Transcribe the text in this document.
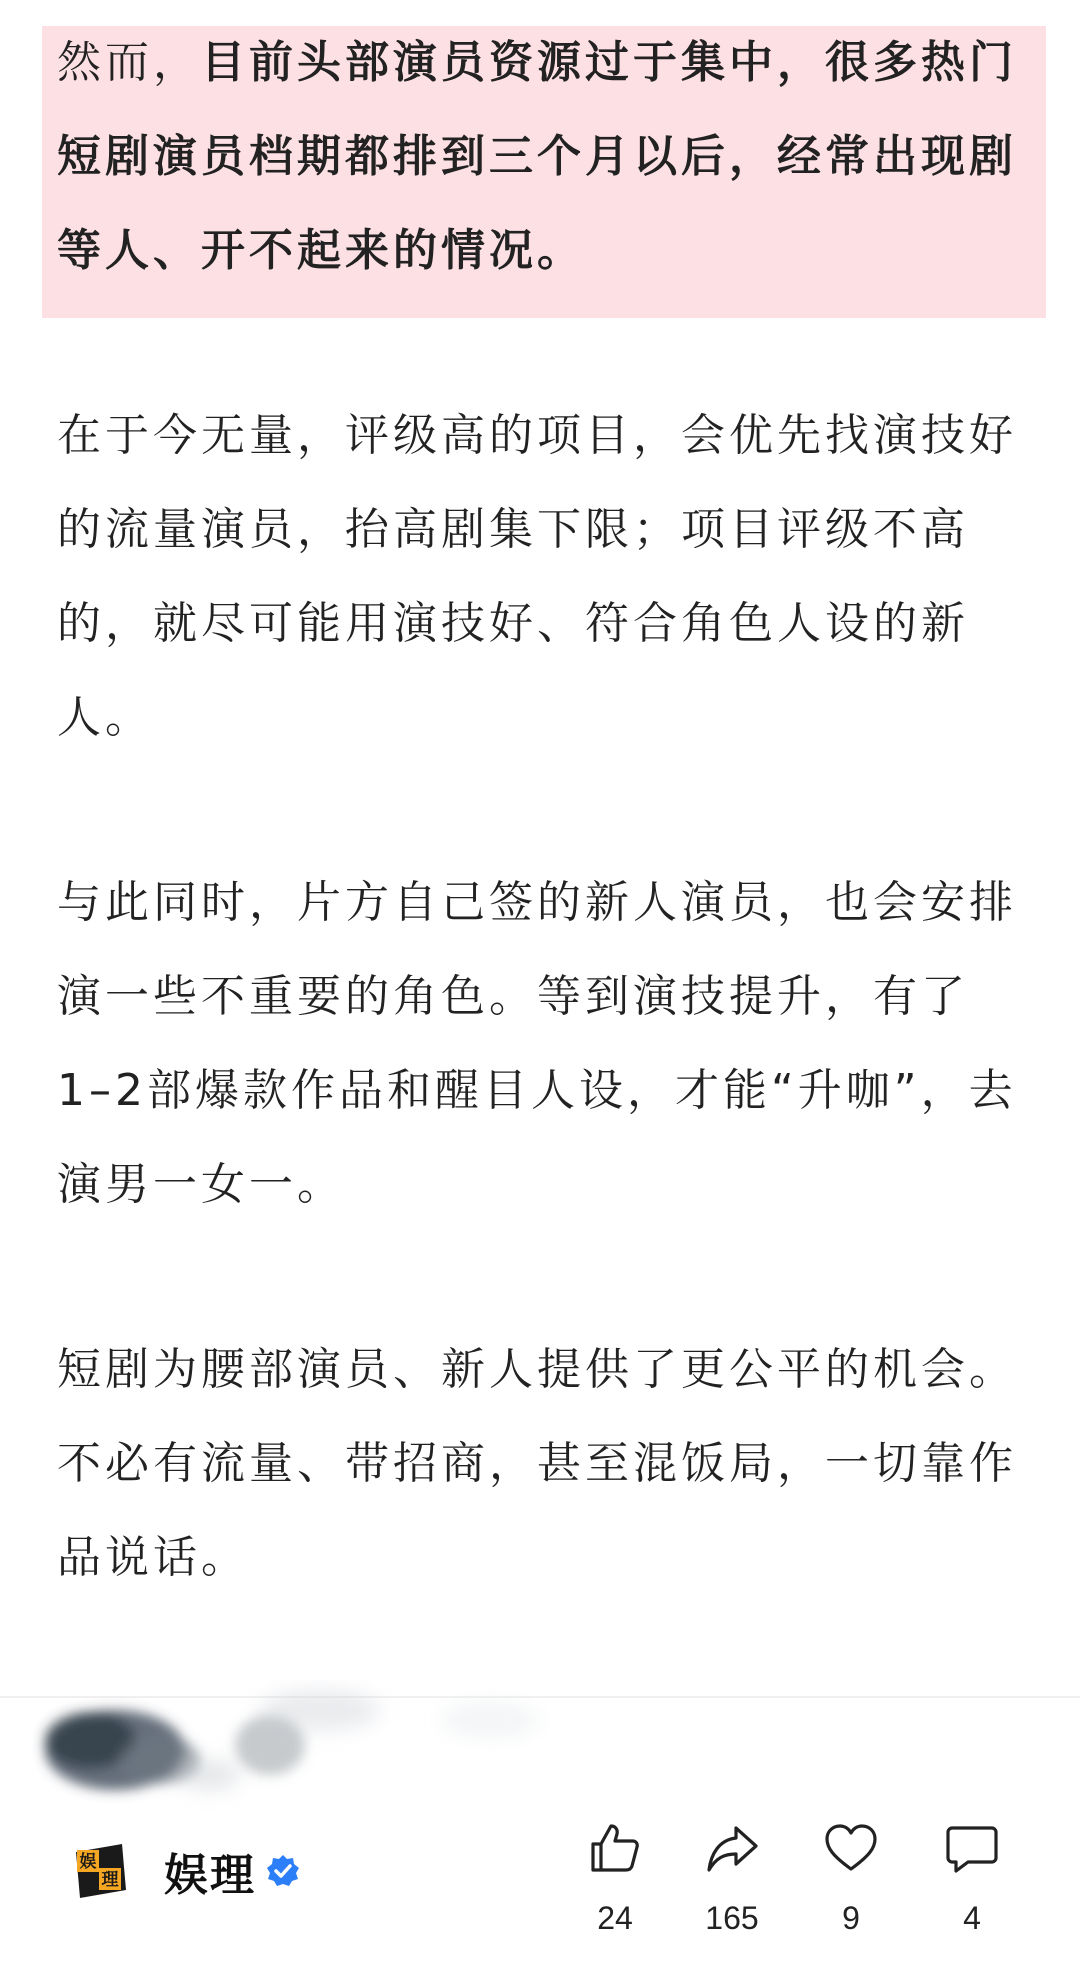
然而，目前头部演员资源过于集中，很多热门短剧演员档期都排到三个月以后，经常出现剧等人、开不起来的情况。

在于今无量，评级高的项目，会优先找演技好的流量演员，抬高剧集下限；项目评级不高的，就尽可能用演技好、符合角色人设的新人。

与此同时，片方自己签的新人演员，也会安排演一些不重要的角色。等到演技提升，有了1–2部爆款作品和醒目人设，才能“升咖”，去演男一女一。

短剧为腰部演员、新人提供了更公平的机会。不必有流量、带招商，甚至混饭局，一切靠作品说话。

娱
理 娱理
24	165	9	4
